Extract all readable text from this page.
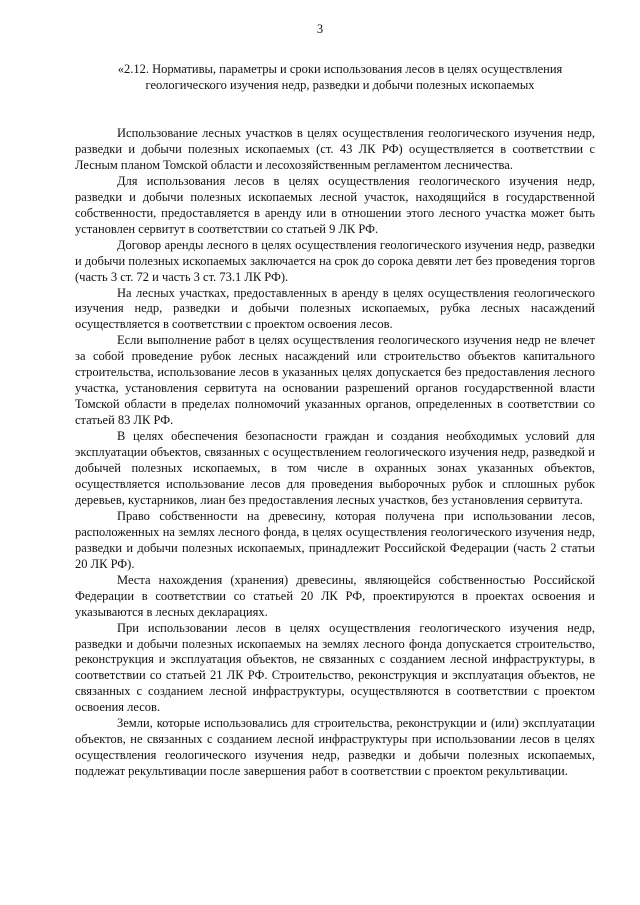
3
«2.12. Нормативы, параметры и сроки использования лесов в целях осуществления геологического изучения недр, разведки и добычи полезных ископаемых

Использование лесных участков в целях осуществления геологического изучения недр, разведки и добычи полезных ископаемых (ст. 43 ЛК РФ) осуществляется в соответствии с Лесным планом Томской области и лесохозяйственным регламентом лесничества.

Для использования лесов в целях осуществления геологического изучения недр, разведки и добычи полезных ископаемых лесной участок, находящийся в государственной собственности, предоставляется в аренду или в отношении этого лесного участка может быть установлен сервитут в соответствии со статьей 9 ЛК РФ.

Договор аренды лесного в целях осуществления геологического изучения недр, разведки и добычи полезных ископаемых заключается на срок до сорока девяти лет без проведения торгов (часть 3 ст. 72 и часть 3 ст. 73.1 ЛК РФ).

На лесных участках, предоставленных в аренду в целях осуществления геологического изучения недр, разведки и добычи полезных ископаемых, рубка лесных насаждений осуществляется в соответствии с проектом освоения лесов.

Если выполнение работ в целях осуществления геологического изучения недр не влечет за собой проведение рубок лесных насаждений или строительство объектов капитального строительства, использование лесов в указанных целях допускается без предоставления лесного участка, установления сервитута на основании разрешений органов государственной власти Томской области в пределах полномочий указанных органов, определенных в соответствии со статьей 83 ЛК РФ.

В целях обеспечения безопасности граждан и создания необходимых условий для эксплуатации объектов, связанных с осуществлением геологического изучения недр, разведкой и добычей полезных ископаемых, в том числе в охранных зонах указанных объектов, осуществляется использование лесов для проведения выборочных рубок и сплошных рубок деревьев, кустарников, лиан без предоставления лесных участков, без установления сервитута.

Право собственности на древесину, которая получена при использовании лесов, расположенных на землях лесного фонда, в целях осуществления геологического изучения недр, разведки и добычи полезных ископаемых, принадлежит Российской Федерации (часть 2 статьи 20 ЛК РФ).

Места нахождения (хранения) древесины, являющейся собственностью Российской Федерации в соответствии со статьей 20 ЛК РФ, проектируются в проектах освоения и указываются в лесных декларациях.

При использовании лесов в целях осуществления геологического изучения недр, разведки и добычи полезных ископаемых на землях лесного фонда допускается строительство, реконструкция и эксплуатация объектов, не связанных с созданием лесной инфраструктуры, в соответствии со статьей 21 ЛК РФ. Строительство, реконструкция и эксплуатация объектов, не связанных с созданием лесной инфраструктуры, осуществляются в соответствии с проектом освоения лесов.

Земли, которые использовались для строительства, реконструкции и (или) эксплуатации объектов, не связанных с созданием лесной инфраструктуры при использовании лесов в целях осуществления геологического изучения недр, разведки и добычи полезных ископаемых, подлежат рекультивации после завершения работ в соответствии с проектом рекультивации.
